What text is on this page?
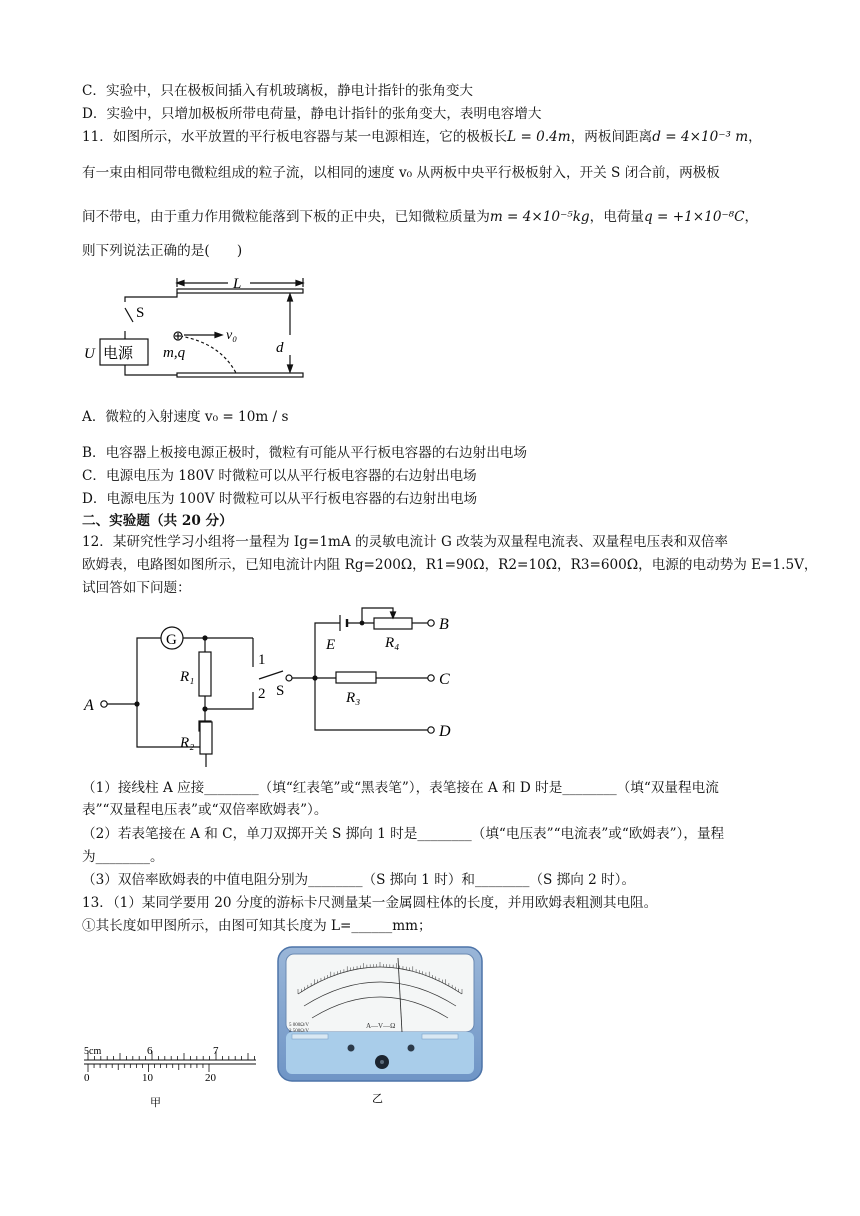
C．实验中，只在极板间插入有机玻璃板，静电计指针的张角变大
D．实验中，只增加极板所带电荷量，静电计指针的张角变大，表明电容增大
11．如图所示，水平放置的平行板电容器与某一电源相连，它的极板长L = 0.4m，两板间距离d = 4×10⁻³ m，
有一束由相同带电微粒组成的粒子流，以相同的速度 v₀ 从两板中央平行极板射入，开关 S 闭合前，两极板
间不带电，由于重力作用微粒能落到下板的正中央，已知微粒质量为m = 4×10⁻⁵kg，电荷量q = +1×10⁻⁸C，
则下列说法正确的是(　　)
L
S
U 电源 m,q
v₀
d
A．微粒的入射速度 v₀ = 10m / s
B．电容器上板接电源正极时，微粒有可能从平行板电容器的右边射出电场
C．电源电压为 180V 时微粒可以从平行板电容器的右边射出电场
D．电源电压为 100V 时微粒可以从平行板电容器的右边射出电场
二、实验题（共 20 分）
12．某研究性学习小组将一量程为 Ig=1mA 的灵敏电流计 G 改装为双量程电流表、双量程电压表和双倍率
欧姆表，电路图如图所示，已知电流计内阻 Rg=200Ω，R1=90Ω，R2=10Ω，R3=600Ω，电源的电动势为 E=1.5V，
试回答如下问题：
G
R₁
R₂
1
2 S
A
E	R₄
R₃
B
C
D
（1）接线柱 A 应接________（填“红表笔”或“黑表笔”），表笔接在 A 和 D 时是________（填“双量程电流
表”“双量程电压表”或“双倍率欧姆表”）。
（2）若表笔接在 A 和 C，单刀双掷开关 S 掷向 1 时是________（填“电压表”“电流表”或“欧姆表”），量程
为________。
（3）双倍率欧姆表的中值电阻分别为________（S 掷向 1 时）和________（S 掷向 2 时）。
13．（1）某同学要用 20 分度的游标卡尺测量某一金属圆柱体的长度，并用欧姆表粗测其电阻。
①其长度如甲图所示，由图可知其长度为 L=______mm；
5cm	6	7
0	10	20
甲
A—V—Ω
5 000Ω/V
2 500Ω/V
乙
